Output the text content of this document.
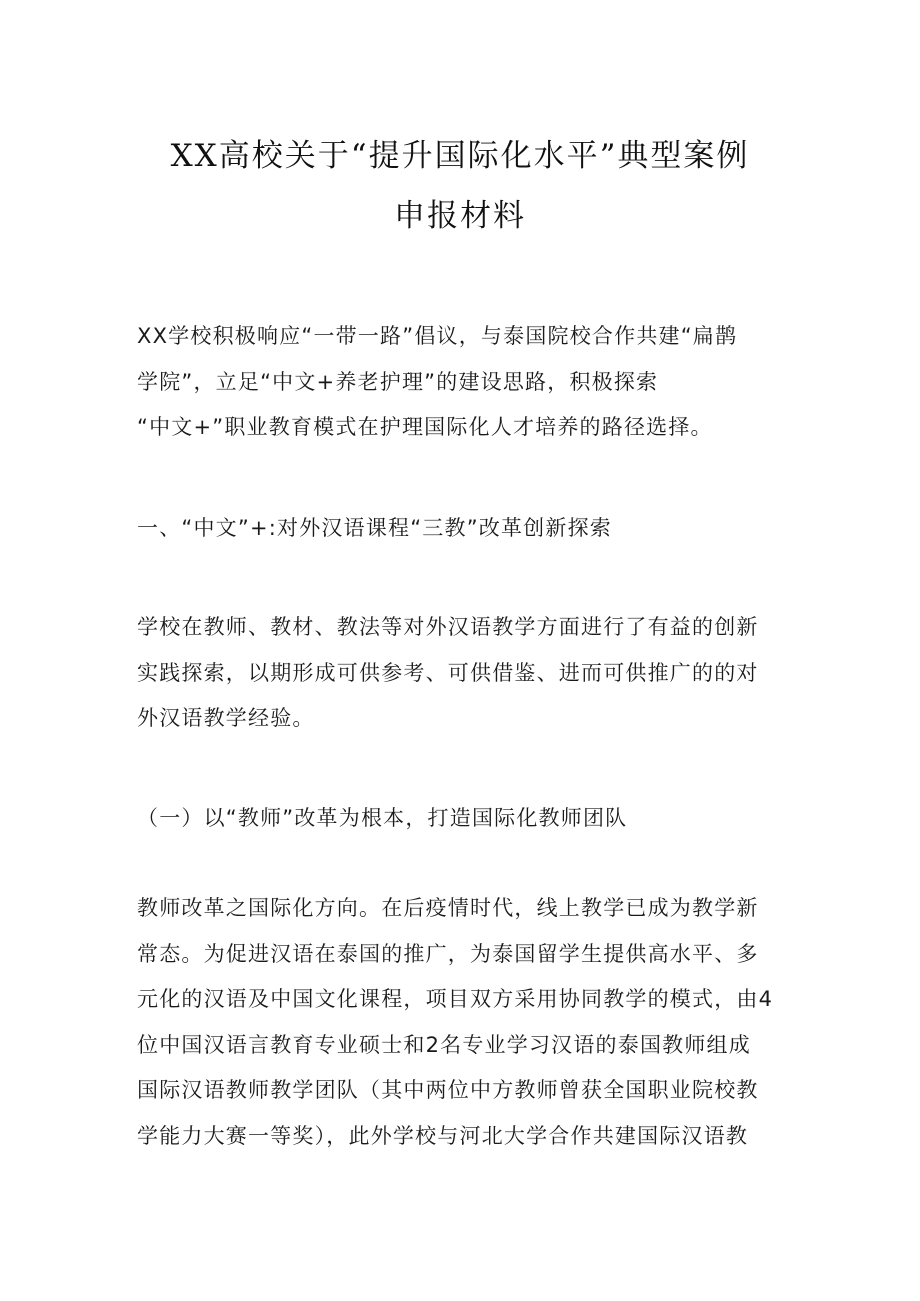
XX高校关于“提升国际化水平”典型案例
申报材料
XX学校积极响应“一带一路”倡议，与泰国院校合作共建“扁鹊
学院”，立足“中文+养老护理”的建设思路，积极探索
“中文+”职业教育模式在护理国际化人才培养的路径选择。
一、“中文”+:对外汉语课程“三教”改革创新探索
学校在教师、教材、教法等对外汉语教学方面进行了有益的创新
实践探索，以期形成可供参考、可供借鉴、进而可供推广的的对
外汉语教学经验。
（一）以“教师”改革为根本，打造国际化教师团队
教师改革之国际化方向。在后疫情时代，线上教学已成为教学新
常态。为促进汉语在泰国的推广，为泰国留学生提供高水平、多
元化的汉语及中国文化课程，项目双方采用协同教学的模式，由4
位中国汉语言教育专业硕士和2名专业学习汉语的泰国教师组成
国际汉语教师教学团队（其中两位中方教师曾获全国职业院校教
学能力大赛一等奖），此外学校与河北大学合作共建国际汉语教
